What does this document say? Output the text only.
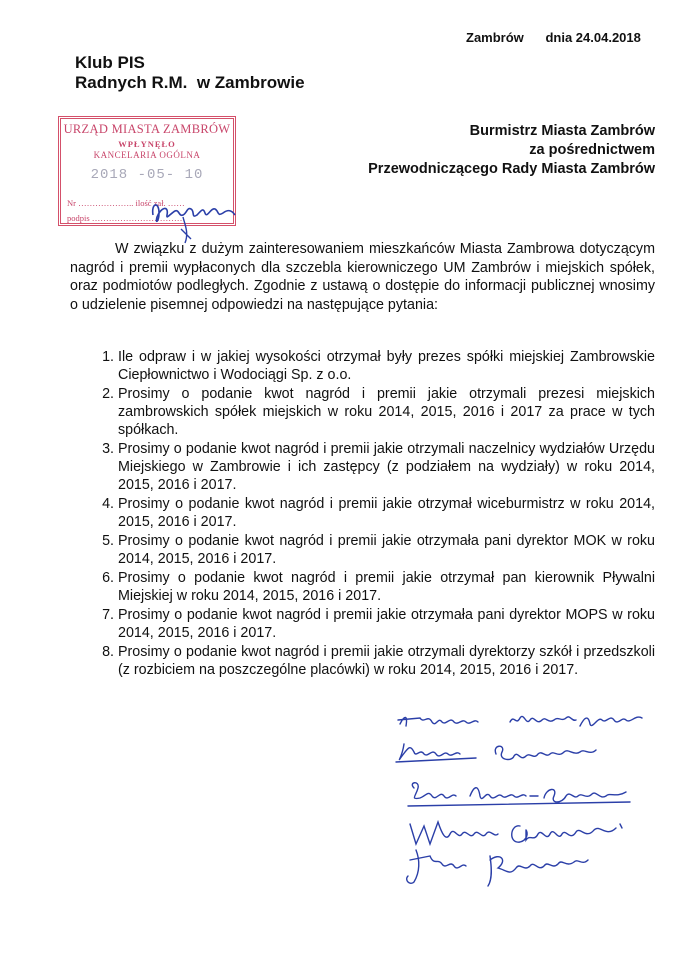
Zambrów dnia 24.04.2018
Klub PIS
Radnych R.M.  w Zambrowie
Burmistrz Miasta Zambrów
za pośrednictwem
Przewodniczącego Rady Miasta Zambrów
URZĄD MIASTA ZAMBRÓW
WPŁYNĘŁO
KANCELARIA OGÓLNA
2018 -05- 10
Nr ……………….. ilość zał. ……
podpis ……………………………

W związku z dużym zainteresowaniem mieszkańców Miasta Zambrowa dotyczącym nagród i premii wypłaconych dla szczebla kierowniczego UM Zambrów i miejskich spółek, oraz podmiotów podległych. Zgodnie z ustawą o dostępie do informacji publicznej wnosimy o udzielenie pisemnej odpowiedzi na następujące pytania:

1. Ile odpraw i w jakiej wysokości otrzymał były prezes spółki miejskiej Zambrowskie Ciepłownictwo i Wodociągi Sp. z o.o.
2. Prosimy o podanie kwot nagród i premii jakie otrzymali prezesi miejskich zambrowskich spółek miejskich w roku 2014, 2015, 2016 i 2017 za prace w tych spółkach.
3. Prosimy o podanie kwot nagród i premii jakie otrzymali naczelnicy wydziałów Urzędu Miejskiego w Zambrowie i ich zastępcy (z podziałem na wydziały) w roku 2014, 2015, 2016 i 2017.
4. Prosimy o podanie kwot nagród i premii jakie otrzymał wiceburmistrz w roku 2014, 2015, 2016 i 2017.
5. Prosimy o podanie kwot nagród i premii jakie otrzymała pani dyrektor MOK w roku 2014, 2015, 2016 i 2017.
6. Prosimy o podanie kwot nagród i premii jakie otrzymał pan kierownik Pływalni Miejskiej w roku 2014, 2015, 2016 i 2017.
7. Prosimy o podanie kwot nagród i premii jakie otrzymała pani dyrektor MOPS w roku 2014, 2015, 2016 i 2017.
8. Prosimy o podanie kwot nagród i premii jakie otrzymali dyrektorzy szkół i przedszkoli (z rozbiciem na poszczególne placówki) w roku 2014, 2015, 2016 i 2017.
